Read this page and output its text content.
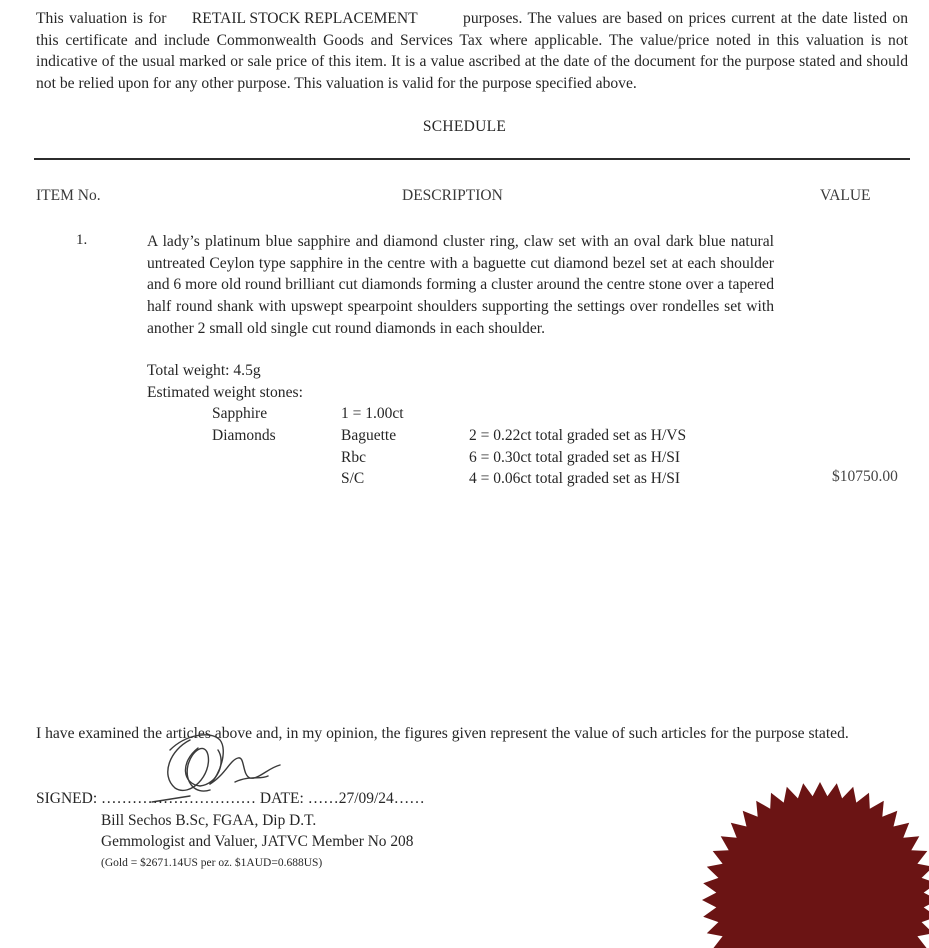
This valuation is for RETAIL STOCK REPLACEMENT	purposes. The values are based on prices current at the date listed on this certificate and include Commonwealth Goods and Services Tax where applicable. The value/price noted in this valuation is not indicative of the usual marked or sale price of this item. It is a value ascribed at the date of the document for the purpose stated and should not be relied upon for any other purpose. This valuation is valid for the purpose specified above.
SCHEDULE
ITEM No.	DESCRIPTION	VALUE
1.	A lady’s platinum blue sapphire and diamond cluster ring, claw set with an oval dark blue natural untreated Ceylon type sapphire in the centre with a baguette cut diamond bezel set at each shoulder and 6 more old round brilliant cut diamonds forming a cluster around the centre stone over a tapered half round shank with upswept spearpoint shoulders supporting the settings over rondelles set with another 2 small old single cut round diamonds in each shoulder.
Total weight: 4.5g
Estimated weight stones:
Sapphire	1 = 1.00ct
Diamonds	Baguette	2 = 0.22ct total graded set as H/VS
Rbc	6 = 0.30ct total graded set as H/SI
S/C	4 = 0.06ct total graded set as H/SI	$10750.00
I have examined the articles above and, in my opinion, the figures given represent the value of such articles for the purpose stated.
SIGNED: ………………………… DATE: ……27/09/24……
Bill Sechos B.Sc, FGAA, Dip D.T.
Gemmologist and Valuer, JATVC Member No 208
(Gold = $2671.14US per oz. $1AUD=0.688US)
